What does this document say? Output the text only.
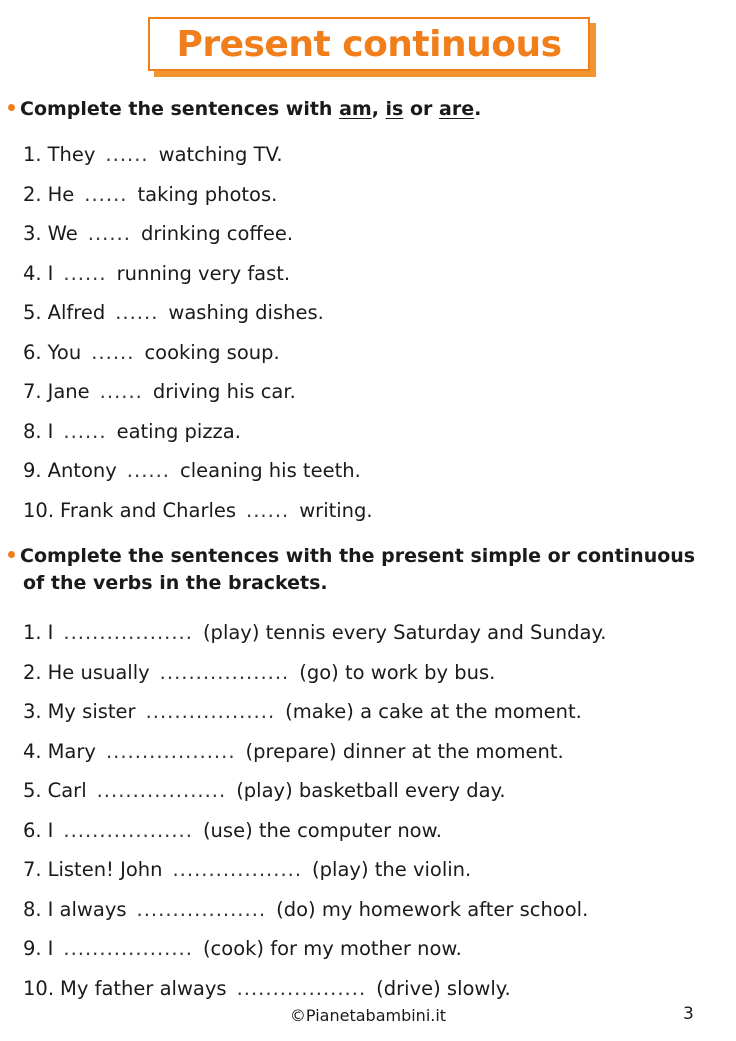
Present continuous
Complete the sentences with am, is or are.
1. They ...... watching TV.
2. He ...... taking photos.
3. We ...... drinking coffee.
4. I ...... running very fast.
5. Alfred ...... washing dishes.
6. You ...... cooking soup.
7. Jane ...... driving his car.
8. I ...... eating pizza.
9. Antony ...... cleaning his teeth.
10. Frank and Charles ...... writing.
Complete the sentences with the present simple or continuous
of the verbs in the brackets.
1. I .................. (play) tennis every Saturday and Sunday.
2. He usually .................. (go) to work by bus.
3. My sister .................. (make) a cake at the moment.
4. Mary .................. (prepare) dinner at the moment.
5. Carl .................. (play) basketball every day.
6. I .................. (use) the computer now.
7. Listen! John .................. (play) the violin.
8. I always .................. (do) my homework after school.
9. I .................. (cook) for my mother now.
10. My father always .................. (drive) slowly.
©Pianetabambini.it	3
